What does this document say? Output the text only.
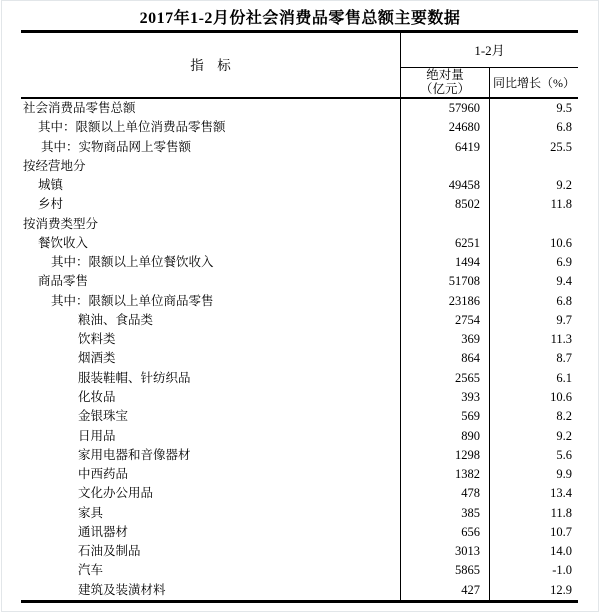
2017年1-2月份社会消费品零售总额主要数据
指　标
1-2月
绝对量
（亿元） 同比增长（%）
社会消费品零售总额	57960	9.5
其中：限额以上单位消费品零售额	24680	6.8
其中：实物商品网上零售额	6419	25.5
按经营地分
城镇	49458	9.2
乡村	8502	11.8
按消费类型分
餐饮收入	6251	10.6
其中：限额以上单位餐饮收入	1494	6.9
商品零售	51708	9.4
其中：限额以上单位商品零售	23186	6.8
粮油、食品类	2754	9.7
饮料类	369	11.3
烟酒类	864	8.7
服装鞋帽、针纺织品	2565	6.1
化妆品	393	10.6
金银珠宝	569	8.2
日用品	890	9.2
家用电器和音像器材	1298	5.6
中西药品	1382	9.9
文化办公用品	478	13.4
家具	385	11.8
通讯器材	656	10.7
石油及制品	3013	14.0
汽车	5865	-1.0
建筑及装潢材料	427	12.9
